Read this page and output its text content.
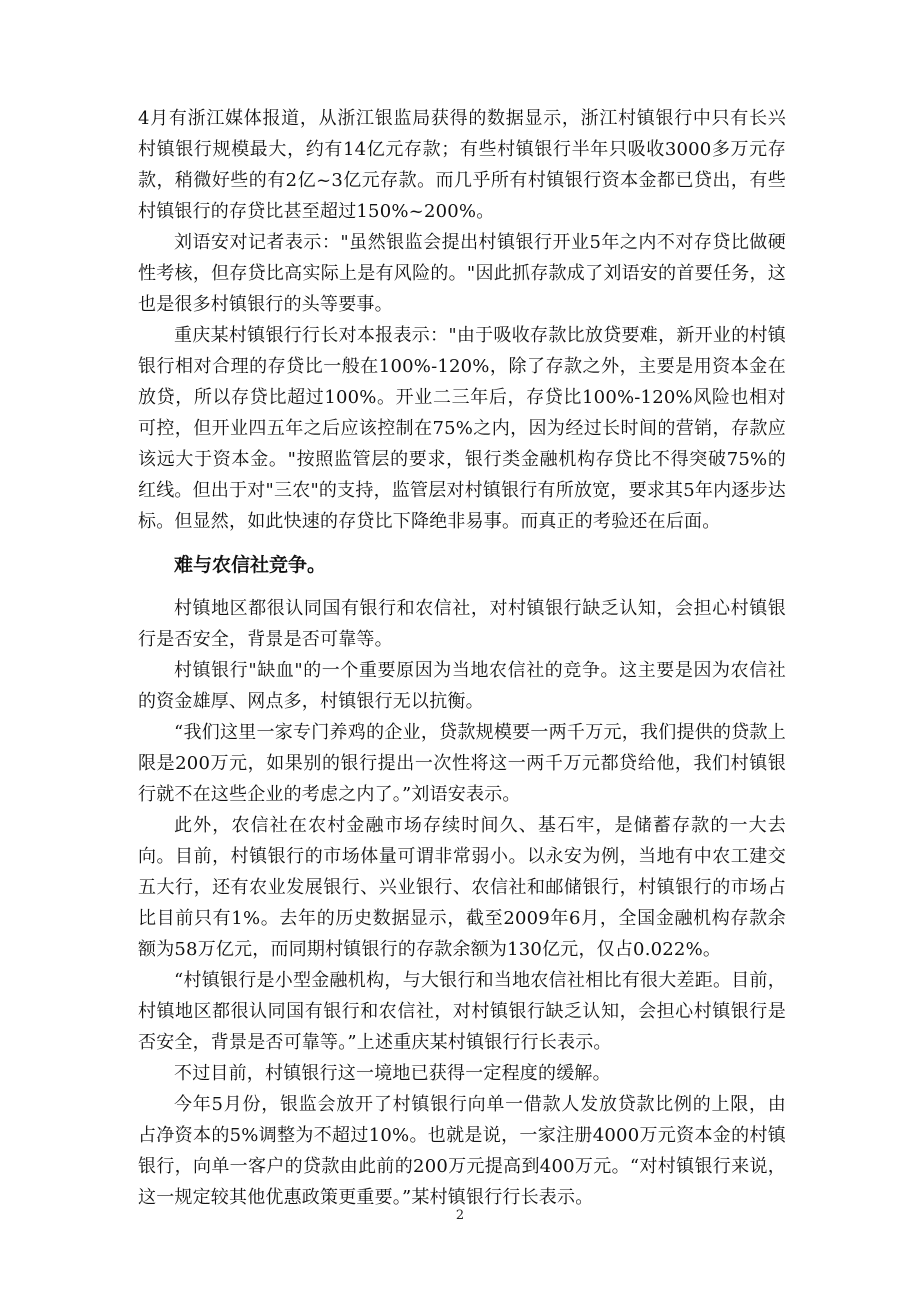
4月有浙江媒体报道，从浙江银监局获得的数据显示，浙江村镇银行中只有长兴村镇银行规模最大，约有14亿元存款；有些村镇银行半年只吸收3000多万元存款，稍微好些的有2亿~3亿元存款。而几乎所有村镇银行资本金都已贷出，有些村镇银行的存贷比甚至超过150%~200%。

刘语安对记者表示："虽然银监会提出村镇银行开业5年之内不对存贷比做硬性考核，但存贷比高实际上是有风险的。"因此抓存款成了刘语安的首要任务，这也是很多村镇银行的头等要事。

重庆某村镇银行行长对本报表示："由于吸收存款比放贷要难，新开业的村镇银行相对合理的存贷比一般在100%-120%，除了存款之外，主要是用资本金在放贷，所以存贷比超过100%。开业二三年后，存贷比100%-120%风险也相对可控，但开业四五年之后应该控制在75%之内，因为经过长时间的营销，存款应该远大于资本金。"按照监管层的要求，银行类金融机构存贷比不得突破75%的红线。但出于对"三农"的支持，监管层对村镇银行有所放宽，要求其5年内逐步达标。但显然，如此快速的存贷比下降绝非易事。而真正的考验还在后面。

难与农信社竞争。

村镇地区都很认同国有银行和农信社，对村镇银行缺乏认知，会担心村镇银行是否安全，背景是否可靠等。

村镇银行"缺血"的一个重要原因为当地农信社的竞争。这主要是因为农信社的资金雄厚、网点多，村镇银行无以抗衡。

“我们这里一家专门养鸡的企业，贷款规模要一两千万元，我们提供的贷款上限是200万元，如果别的银行提出一次性将这一两千万元都贷给他，我们村镇银行就不在这些企业的考虑之内了。”刘语安表示。

此外，农信社在农村金融市场存续时间久、基石牢，是储蓄存款的一大去向。目前，村镇银行的市场体量可谓非常弱小。以永安为例，当地有中农工建交五大行，还有农业发展银行、兴业银行、农信社和邮储银行，村镇银行的市场占比目前只有1%。去年的历史数据显示，截至2009年6月，全国金融机构存款余额为58万亿元，而同期村镇银行的存款余额为130亿元，仅占0.022%。

“村镇银行是小型金融机构，与大银行和当地农信社相比有很大差距。目前，村镇地区都很认同国有银行和农信社，对村镇银行缺乏认知，会担心村镇银行是否安全，背景是否可靠等。”上述重庆某村镇银行行长表示。

不过目前，村镇银行这一境地已获得一定程度的缓解。

今年5月份，银监会放开了村镇银行向单一借款人发放贷款比例的上限，由占净资本的5%调整为不超过10%。也就是说，一家注册4000万元资本金的村镇银行，向单一客户的贷款由此前的200万元提高到400万元。“对村镇银行来说，这一规定较其他优惠政策更重要。”某村镇银行行长表示。

2
